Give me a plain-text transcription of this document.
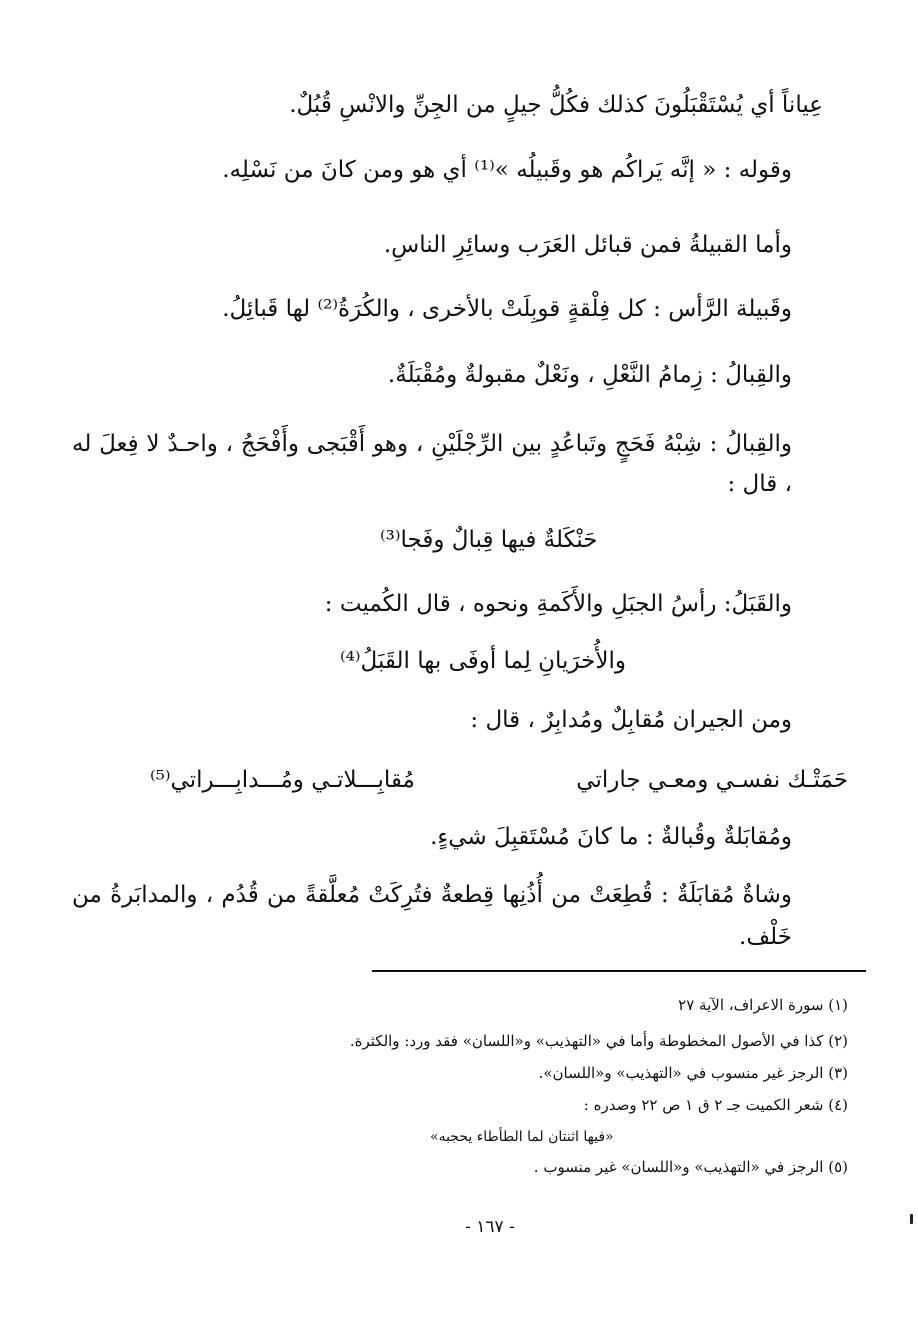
عِياناً أي يُسْتَقْبَلُونَ كذلك فكُلُّ جيلٍ من الجِنِّ والانْسِ قُبُلٌ.
وقوله : « إنَّه يَراكُم هو وقَبيلُه »⁽¹⁾ أي هو ومن كانَ من نَسْلِه.
وأما القبيلةُ فمن قبائل العَرَب وسائِرِ الناسِ.
وقَبيلة الرَّأس : كل فِلْقةٍ قوبِلَتْ بالأخرى ، والكُرَةُ⁽²⁾ لها قَبائِلُ.
والقِبالُ : زِمامُ النَّعْلِ ، ونَعْلٌ مقبولةٌ ومُقْبَلَةٌ.
والقِبالُ : شِبْهُ فَحَجٍ وتَباعُدٍ بين الرِّجْلَيْنِ ، وهو أَقْبَجى وأَفْحَجُ ، واحـدٌ لا فِعلَ له ، قال :
حَنْكَلةٌ فيها قِبالٌ وفَجا⁽³⁾
والقَبَلُ: رأسُ الجبَلِ والأَكَمةِ ونحوه ، قال الكُميت :
والأُخرَيانِ لِما أوفَى بها القَبَلُ⁽⁴⁾
ومن الجيران مُقابِلٌ ومُدابِرٌ ، قال :
حَمَتْـك نفسـي ومعـي جاراتي
مُقابِـــلاتـي ومُـــدابِـــراتي⁽⁵⁾
ومُقابَلةٌ وقُبالةٌ : ما كانَ مُسْتَقبِلَ شيءٍ.
وشاةٌ مُقابَلَةٌ : قُطِعَتْ من أُذُنِها قِطعةٌ فتُرِكَتْ مُعلَّقةً من قُدُم ، والمدابَرةُ من خَلْف.
(١) سورة الاعراف، الآية ٢٧
(٢) كذا في الأصول المخطوطة وأما في «التهذيب» و«اللسان» فقد ورد: والكثرة.
(٣) الرجز غير منسوب في «التهذيب» و«اللسان».
(٤) شعر الكميت جـ ٢ ق ١ ص ٢٢ وصدره :
«فيها اثنتان لما الطأطاء يحجبه»
(٥) الرجز في «التهذيب» و«اللسان» غير منسوب .
- ١٦٧ -
